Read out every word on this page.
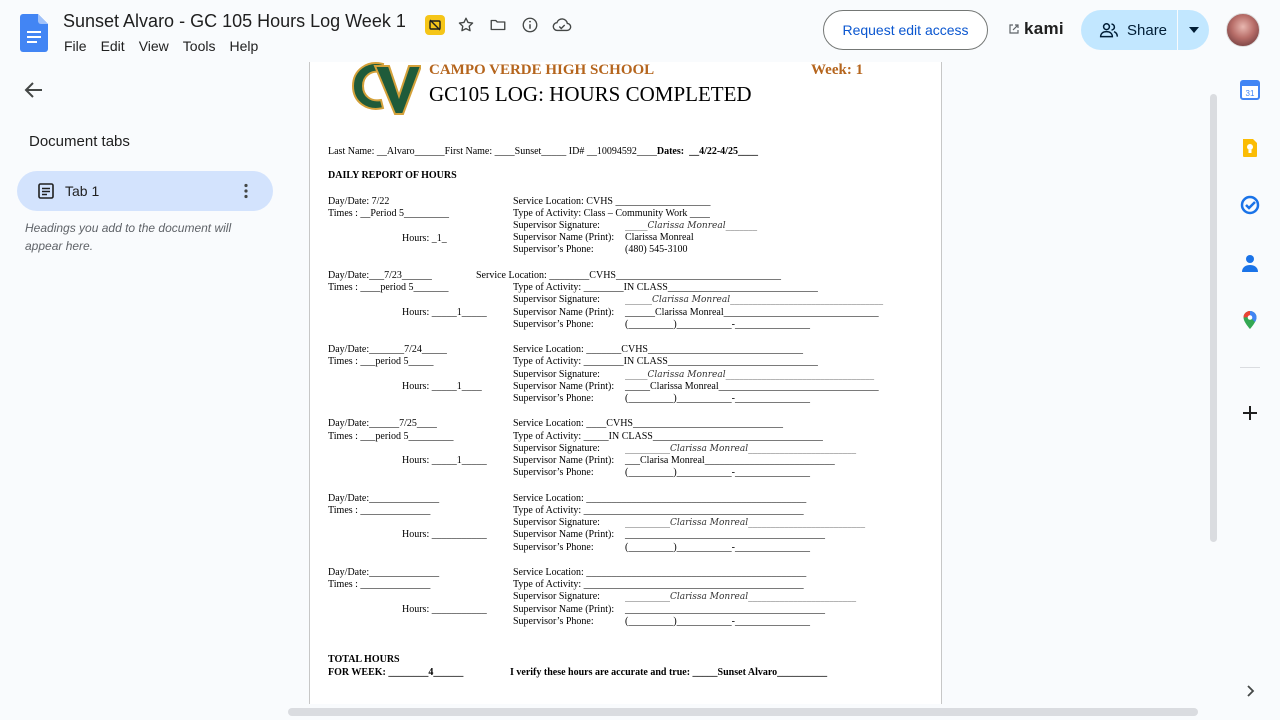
Sunset Alvaro - GC 105 Hours Log Week 1
File	Edit	View	Tools	Help
Request edit access	kami	Share
Document tabs
Tab 1
Headings you add to the document will appear here.
CAMPO VERDE HIGH SCHOOL	Week: 1
GC105 LOG: HOURS COMPLETED
Last Name: __Alvaro______First Name: ____Sunset_____ ID# __10094592____Dates: __4/22-4/25____
DAILY REPORT OF HOURS
Day/Date: 7/22
Times : __Period 5_________
Hours: _1_
Service Location: CVHS ___________________
Type of Activity: Class – Community Work ____
Supervisor Signature:	_____Clarissa Monreal_______
Supervisor Name (Print): Clarissa Monreal
Supervisor’s Phone:	(480) 545-3100
Day/Date:___7/23______
Times : ____period 5_______
Hours: _____1_____
Service Location: ________CVHS_________________________________
Type of Activity: ________IN CLASS______________________________
Supervisor Signature:	______Clarissa Monreal__________________________________
Supervisor Name (Print): ______Clarissa Monreal_______________________________
Supervisor’s Phone:	(_________)___________-_______________
Day/Date:_______7/24_____
Times : ___period 5_____
Hours: _____1____
Service Location: _______CVHS_______________________________
Type of Activity: ________IN CLASS______________________________
Supervisor Signature:	_____Clarissa Monreal_________________________________
Supervisor Name (Print): _____Clarissa Monreal________________________________
Supervisor’s Phone:	(_________)___________-_______________
Day/Date:______7/25____
Times : ___period 5_________
Hours: _____1_____
Service Location: ____CVHS______________________________
Type of Activity: _____IN CLASS__________________________________
Supervisor Signature:	__________Clarissa Monreal________________________
Supervisor Name (Print): ___Clarisa Monreal__________________________
Supervisor’s Phone:	(_________)___________-_______________
Day/Date:______________
Times : ______________
Hours: ___________
Service Location: ____________________________________________
Type of Activity: ____________________________________________
Supervisor Signature:	__________Clarissa Monreal__________________________
Supervisor Name (Print): ________________________________________
Supervisor’s Phone:	(_________)___________-_______________
Day/Date:______________
Times : ______________
Hours: ___________
Service Location: ____________________________________________
Type of Activity: ____________________________________________
Supervisor Signature:	__________Clarissa Monreal________________________
Supervisor Name (Print): ________________________________________
Supervisor’s Phone:	(_________)___________-_______________
TOTAL HOURS
FOR WEEK: ________4______	I verify these hours are accurate and true: _____Sunset Alvaro__________
31
